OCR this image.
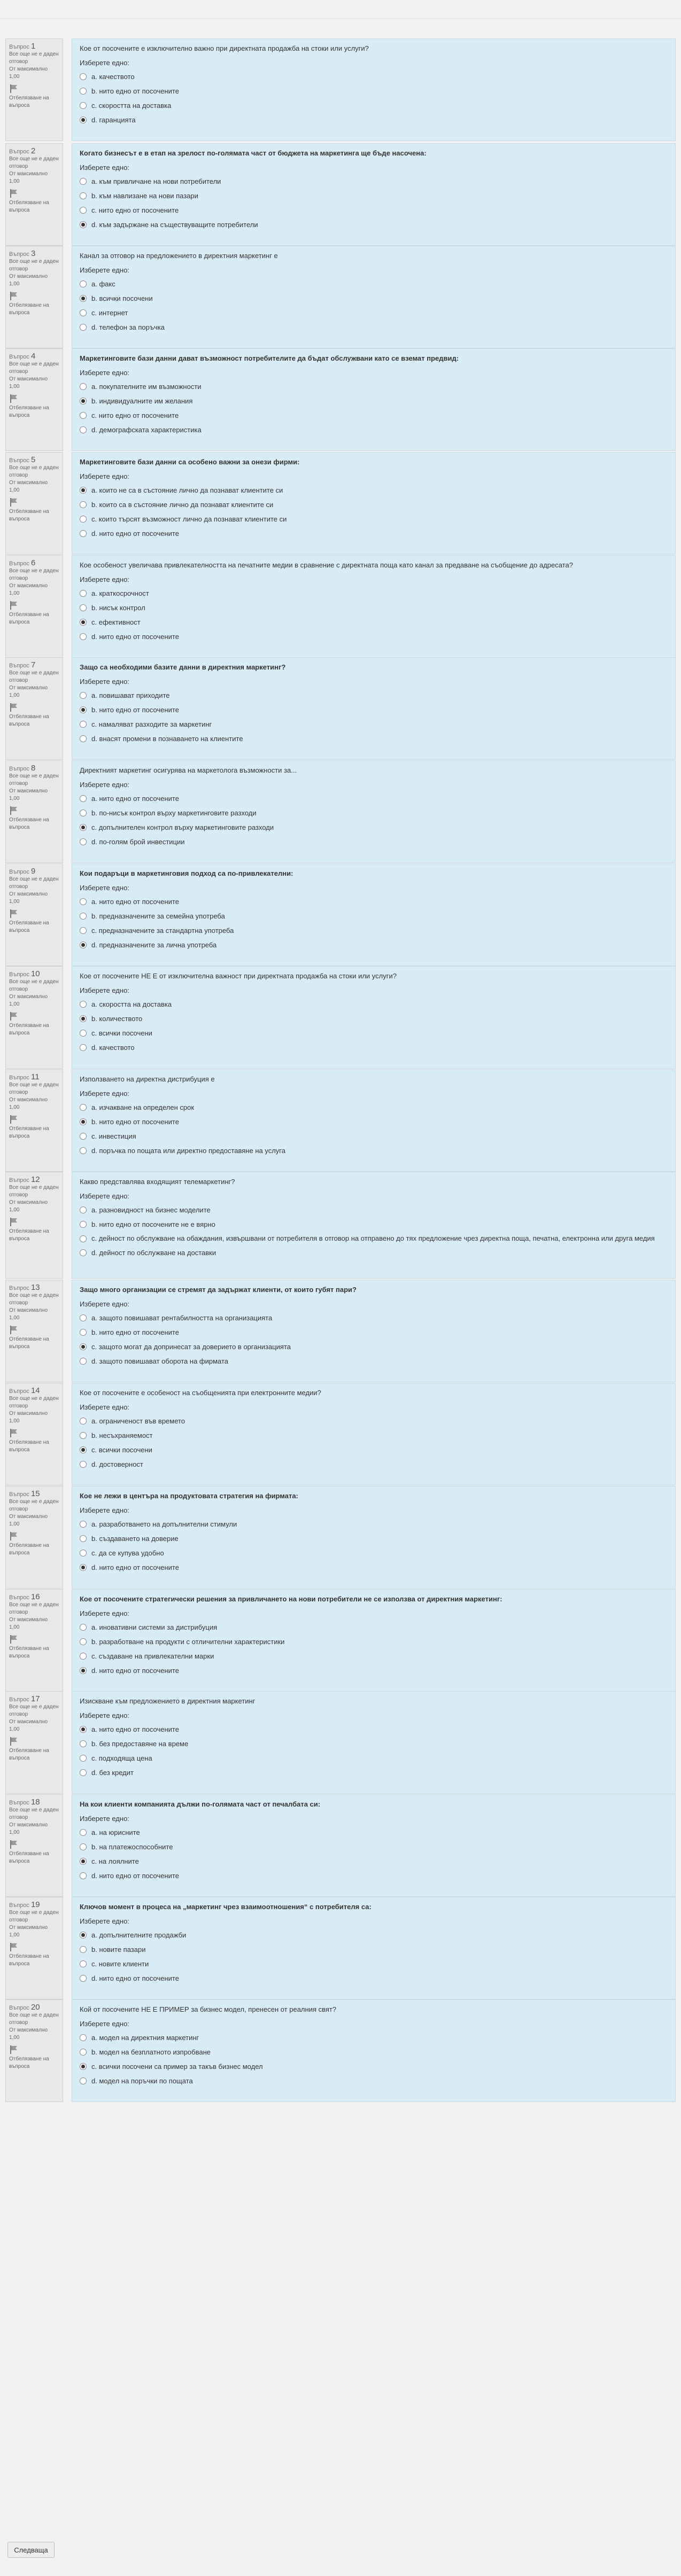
Въпрос 1
Все още не е даден отговор
От максимално 1,00
Отбелязване на въпроса
Кое от посочените е изключително важно при директната продажба на стоки или услуги?
Изберете едно:
a. качеството
b. нито едно от посочените
c. скоростта на доставка
d. гаранцията
Въпрос 2
Все още не е даден отговор
От максимално 1,00
Отбелязване на въпроса
Когато бизнесът е в етап на зрелост по-голямата част от бюджета на маркетинга ще бъде насочена:
Изберете едно:
a. към привличане на нови потребители
b. към навлизане на нови пазари
c. нито едно от посочените
d. към задържане на съществуващите потребители
Въпрос 3
Все още не е даден отговор
От максимално 1,00
Отбелязване на въпроса
Канал за отговор на предложението в директния маркетинг е
Изберете едно:
a. факс
b. всички посочени
c. интернет
d. телефон за поръчка
Въпрос 4
Все още не е даден отговор
От максимално 1,00
Отбелязване на въпроса
Маркетинговите бази данни дават възможност потребителите да бъдат обслужвани като се вземат предвид:
Изберете едно:
a. покупателните им възможности
b. индивидуалните им желания
c. нито едно от посочените
d. демографската характеристика
Въпрос 5
Все още не е даден отговор
От максимално 1,00
Отбелязване на въпроса
Маркетинговите бази данни са особено важни за онези фирми:
Изберете едно:
a. които не са в състояние лично да познават клиентите си
b. които са в състояние лично да познават клиентите си
c. които търсят възможност лично да познават клиентите си
d. нито едно от посочените
Въпрос 6
Все още не е даден отговор
От максимално 1,00
Отбелязване на въпроса
Кое особеност увеличава привлекателността на печатните медии в сравнение с директната поща като канал за предаване на съобщение до адресата?
Изберете едно:
a. краткосрочност
b. нисък контрол
c. ефективност
d. нито едно от посочените
Въпрос 7
Все още не е даден отговор
От максимално 1,00
Отбелязване на въпроса
Защо са необходими базите данни в директния маркетинг?
Изберете едно:
a. повишават приходите
b. нито едно от посочените
c. намаляват разходите за маркетинг
d. внасят промени в познаването на клиентите
Въпрос 8
Все още не е даден отговор
От максимално 1,00
Отбелязване на въпроса
Директният маркетинг осигурява на маркетолога възможности за...
Изберете едно:
a. нито едно от посочените
b. по-нисък контрол върху маркетинговите разходи
c. допълнителен контрол върху маркетинговите разходи
d. по-голям брой инвестиции
Въпрос 9
Все още не е даден отговор
От максимално 1,00
Отбелязване на въпроса
Кои подаръци в маркетинговия подход са по-привлекателни:
Изберете едно:
a. нито едно от посочените
b. предназначените за семейна употреба
c. предназначените за стандартна употреба
d. предназначените за лична употреба
Въпрос 10
Все още не е даден отговор
От максимално 1,00
Отбелязване на въпроса
Кое от посочените НЕ Е от изключителна важност при директната продажба на стоки или услуги?
Изберете едно:
a. скоростта на доставка
b. количеството
c. всички посочени
d. качеството
Въпрос 11
Все още не е даден отговор
От максимално 1,00
Отбелязване на въпроса
Използването на директна дистрибуция е
Изберете едно:
a. изчакване на определен срок
b. нито едно от посочените
c. инвестиция
d. поръчка по пощата или директно предоставяне на услуга
Въпрос 12
Все още не е даден отговор
От максимално 1,00
Отбелязване на въпроса
Какво представлява входящият телемаркетинг?
Изберете едно:
a. разновидност на бизнес моделите
b. нито едно от посочените не е вярно
c. дейност по обслужване на обаждания, извършвани от потребителя в отговор на отправено до тях предложение чрез директна поща, печатна, електронна или друга медия
d. дейност по обслужване на доставки
Въпрос 13
Все още не е даден отговор
От максимално 1,00
Отбелязване на въпроса
Защо много организации се стремят да задържат клиенти, от които губят пари?
Изберете едно:
a. защото повишават рентабилността на организацията
b. нито едно от посочените
c. защото могат да допринесат за доверието в организацията
d. защото повишават оборота на фирмата
Въпрос 14
Все още не е даден отговор
От максимално 1,00
Отбелязване на въпроса
Кое от посочените е особеност на съобщенията при електронните медии?
Изберете едно:
a. ограниченост във времето
b. несъхраняемост
c. всички посочени
d. достоверност
Въпрос 15
Все още не е даден отговор
От максимално 1,00
Отбелязване на въпроса
Кое не лежи в центъра на продуктовата стратегия на фирмата:
Изберете едно:
a. разработването на допълнителни стимули
b. създаването на доверие
c. да се купува удобно
d. нито едно от посочените
Въпрос 16
Все още не е даден отговор
От максимално 1,00
Отбелязване на въпроса
Кое от посочените стратегически решения за привличането на нови потребители не се използва от директния маркетинг:
Изберете едно:
a. иновативни системи за дистрибуция
b. разработване на продукти с отличителни характеристики
c. създаване на привлекателни марки
d. нито едно от посочените
Въпрос 17
Все още не е даден отговор
От максимално 1,00
Отбелязване на въпроса
Изискване към предложението в директния маркетинг
Изберете едно:
a. нито едно от посочените
b. без предоставяне на време
c. подходяща цена
d. без кредит
Въпрос 18
Все още не е даден отговор
От максимално 1,00
Отбелязване на въпроса
На кои клиенти компанията дължи по-голямата част от печалбата си:
Изберете едно:
a. на юрисните
b. на платежоспособните
c. на лоялните
d. нито едно от посочените
Въпрос 19
Все още не е даден отговор
От максимално 1,00
Отбелязване на въпроса
Ключов момент в процеса на „маркетинг чрез взаимоотношения“ с потребителя са:
Изберете едно:
a. допълнителните продажби
b. новите пазари
c. новите клиенти
d. нито едно от посочените
Въпрос 20
Все още не е даден отговор
От максимално 1,00
Отбелязване на въпроса
Кой от посочените НЕ Е ПРИМЕР за бизнес модел, пренесен от реалния свят?
Изберете едно:
a. модел на директния маркетинг
b. модел на безплатното изпробване
c. всички посочени са пример за такъв бизнес модел
d. модел на поръчки по пощата
Следваща
